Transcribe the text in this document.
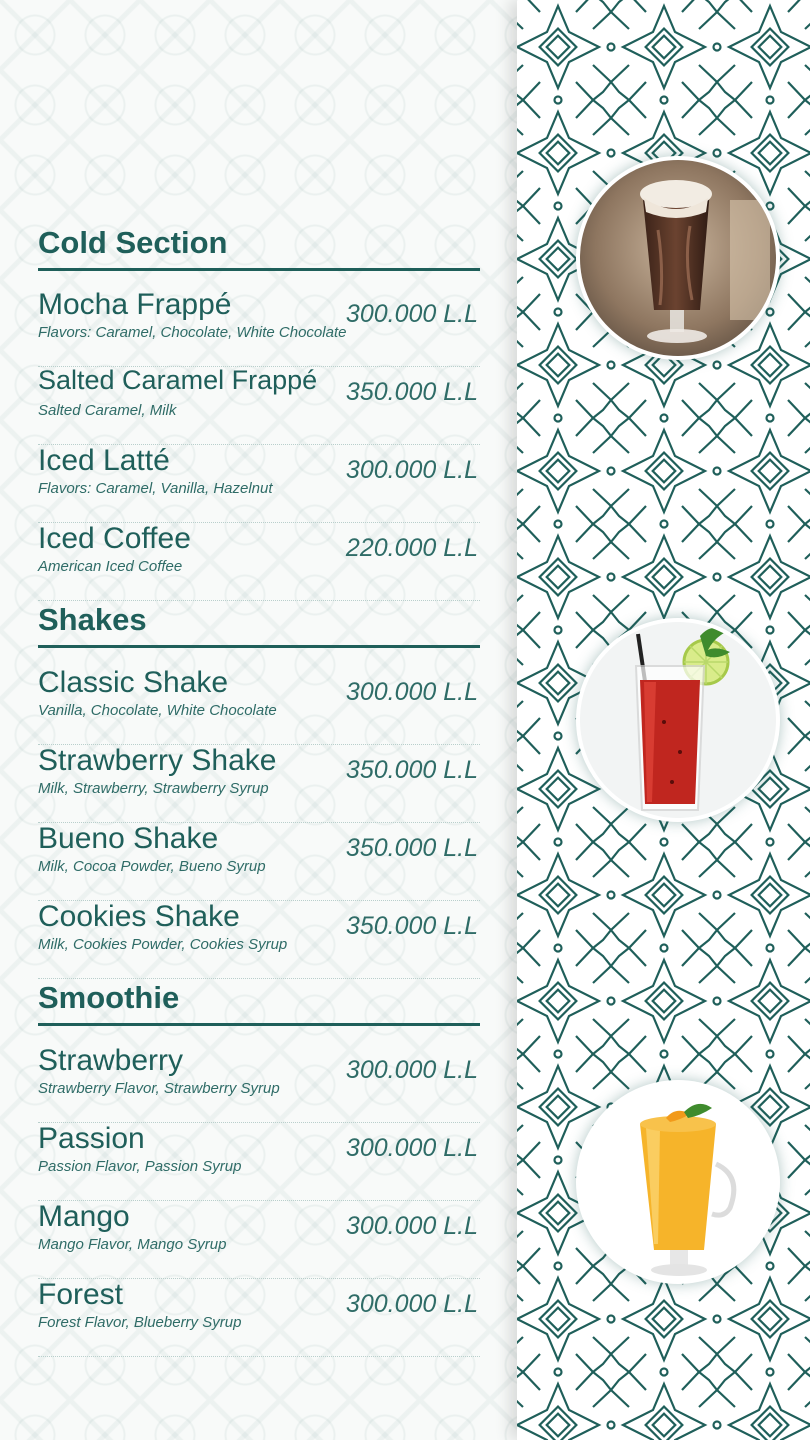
Cold Section
Mocha Frappé
Flavors: Caramel, Chocolate, White Chocolate
300.000 L.L
Salted Caramel Frappé
Salted Caramel, Milk
350.000 L.L
Iced Latté
Flavors: Caramel, Vanilla, Hazelnut
300.000 L.L
Iced Coffee
American Iced Coffee
220.000 L.L
Shakes
Classic Shake
Vanilla, Chocolate, White Chocolate
300.000 L.L
Strawberry Shake
Milk, Strawberry, Strawberry Syrup
350.000 L.L
Bueno Shake
Milk, Cocoa Powder, Bueno Syrup
350.000 L.L
Cookies Shake
Milk, Cookies Powder, Cookies Syrup
350.000 L.L
Smoothie
Strawberry
Strawberry Flavor, Strawberry Syrup
300.000 L.L
Passion
Passion Flavor, Passion Syrup
300.000 L.L
Mango
Mango Flavor, Mango Syrup
300.000 L.L
Forest
Forest Flavor, Blueberry Syrup
300.000 L.L
